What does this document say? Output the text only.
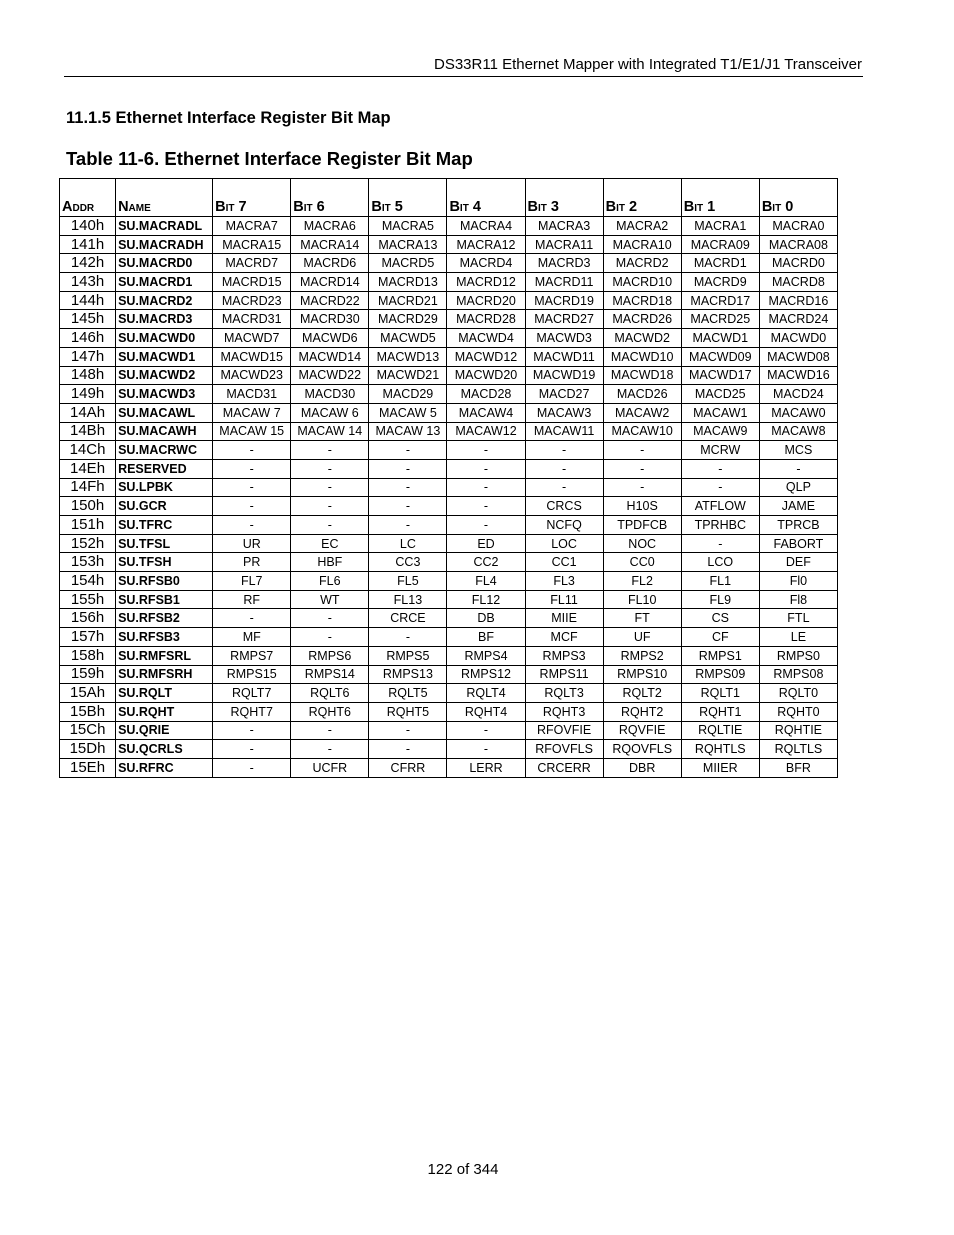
DS33R11 Ethernet Mapper with Integrated T1/E1/J1 Transceiver
11.1.5 Ethernet Interface Register Bit Map
Table 11-6. Ethernet Interface Register Bit Map
Addr	Name	Bit 7	Bit 6	Bit 5	Bit 4	Bit 3	Bit 2	Bit 1	Bit 0
140h	SU.MACRADL	MACRA7	MACRA6	MACRA5	MACRA4	MACRA3	MACRA2	MACRA1	MACRA0
141h	SU.MACRADH	MACRA15	MACRA14	MACRA13	MACRA12	MACRA11	MACRA10	MACRA09	MACRA08
142h	SU.MACRD0	MACRD7	MACRD6	MACRD5	MACRD4	MACRD3	MACRD2	MACRD1	MACRD0
143h	SU.MACRD1	MACRD15	MACRD14	MACRD13	MACRD12	MACRD11	MACRD10	MACRD9	MACRD8
144h	SU.MACRD2	MACRD23	MACRD22	MACRD21	MACRD20	MACRD19	MACRD18	MACRD17	MACRD16
145h	SU.MACRD3	MACRD31	MACRD30	MACRD29	MACRD28	MACRD27	MACRD26	MACRD25	MACRD24
146h	SU.MACWD0	MACWD7	MACWD6	MACWD5	MACWD4	MACWD3	MACWD2	MACWD1	MACWD0
147h	SU.MACWD1	MACWD15	MACWD14	MACWD13	MACWD12	MACWD11	MACWD10	MACWD09	MACWD08
148h	SU.MACWD2	MACWD23	MACWD22	MACWD21	MACWD20	MACWD19	MACWD18	MACWD17	MACWD16
149h	SU.MACWD3	MACD31	MACD30	MACD29	MACD28	MACD27	MACD26	MACD25	MACD24
14Ah	SU.MACAWL	MACAW 7	MACAW 6	MACAW 5	MACAW4	MACAW3	MACAW2	MACAW1	MACAW0
14Bh	SU.MACAWH	MACAW 15	MACAW 14	MACAW 13	MACAW12	MACAW11	MACAW10	MACAW9	MACAW8
14Ch	SU.MACRWC	-	-	-	-	-	-	MCRW	MCS
14Eh	RESERVED	-	-	-	-	-	-	-	-
14Fh	SU.LPBK	-	-	-	-	-	-	-	QLP
150h	SU.GCR	-	-	-	-	CRCS	H10S	ATFLOW	JAME
151h	SU.TFRC	-	-	-	-	NCFQ	TPDFCB	TPRHBC	TPRCB
152h	SU.TFSL	UR	EC	LC	ED	LOC	NOC	-	FABORT
153h	SU.TFSH	PR	HBF	CC3	CC2	CC1	CC0	LCO	DEF
154h	SU.RFSB0	FL7	FL6	FL5	FL4	FL3	FL2	FL1	Fl0
155h	SU.RFSB1	RF	WT	FL13	FL12	FL11	FL10	FL9	Fl8
156h	SU.RFSB2	-	-	CRCE	DB	MIIE	FT	CS	FTL
157h	SU.RFSB3	MF	-	-	BF	MCF	UF	CF	LE
158h	SU.RMFSRL	RMPS7	RMPS6	RMPS5	RMPS4	RMPS3	RMPS2	RMPS1	RMPS0
159h	SU.RMFSRH	RMPS15	RMPS14	RMPS13	RMPS12	RMPS11	RMPS10	RMPS09	RMPS08
15Ah	SU.RQLT	RQLT7	RQLT6	RQLT5	RQLT4	RQLT3	RQLT2	RQLT1	RQLT0
15Bh	SU.RQHT	RQHT7	RQHT6	RQHT5	RQHT4	RQHT3	RQHT2	RQHT1	RQHT0
15Ch	SU.QRIE	-	-	-	-	RFOVFIE	RQVFIE	RQLTIE	RQHTIE
15Dh	SU.QCRLS	-	-	-	-	RFOVFLS	RQOVFLS	RQHTLS	RQLTLS
15Eh	SU.RFRC	-	UCFR	CFRR	LERR	CRCERR	DBR	MIIER	BFR
122 of 344
